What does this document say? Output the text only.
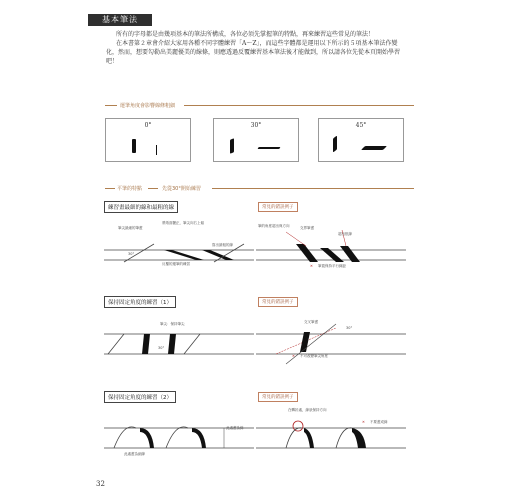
基本筆法

所有的字母都是由幾項基本的筆法所構成，各位必須先掌握筆的特點，再來練習這些常見的筆法！

在本書第２章會介紹大家用各種不同字體練習「A～Z」，而這些字體都是運用以下所示的５項基本筆法作變化，然而，想要勾勒出美麗優美的線條，則應透過反覆練習基本筆法後才能做到，所以請各位先從本頁開始學習吧！

運筆角度會影響線條粗細
0°	30°	45°
平筆的特點	先從30°開始練習
練習畫最細的線和最粗的線	常見的錯誤例子
筆尖最細的筆畫
將紙面擺正，筆尖向右上傾
30°
寫出最粗的線
反覆的運筆的練習
筆的角度超出與方向	交界筆畫
超出框線
筆寬保持平行線距
✕
保持固定角度的練習（1）	常見的錯誤例子
筆尖：保持筆尖
30°
交叉筆畫
30°
不可改變筆尖角度
✕
保持固定角度的練習（2）	常見的錯誤例子
此處畫為線
此處畫為細線
在轉折處，線狀保持方向
不要畫成線
✕
32
